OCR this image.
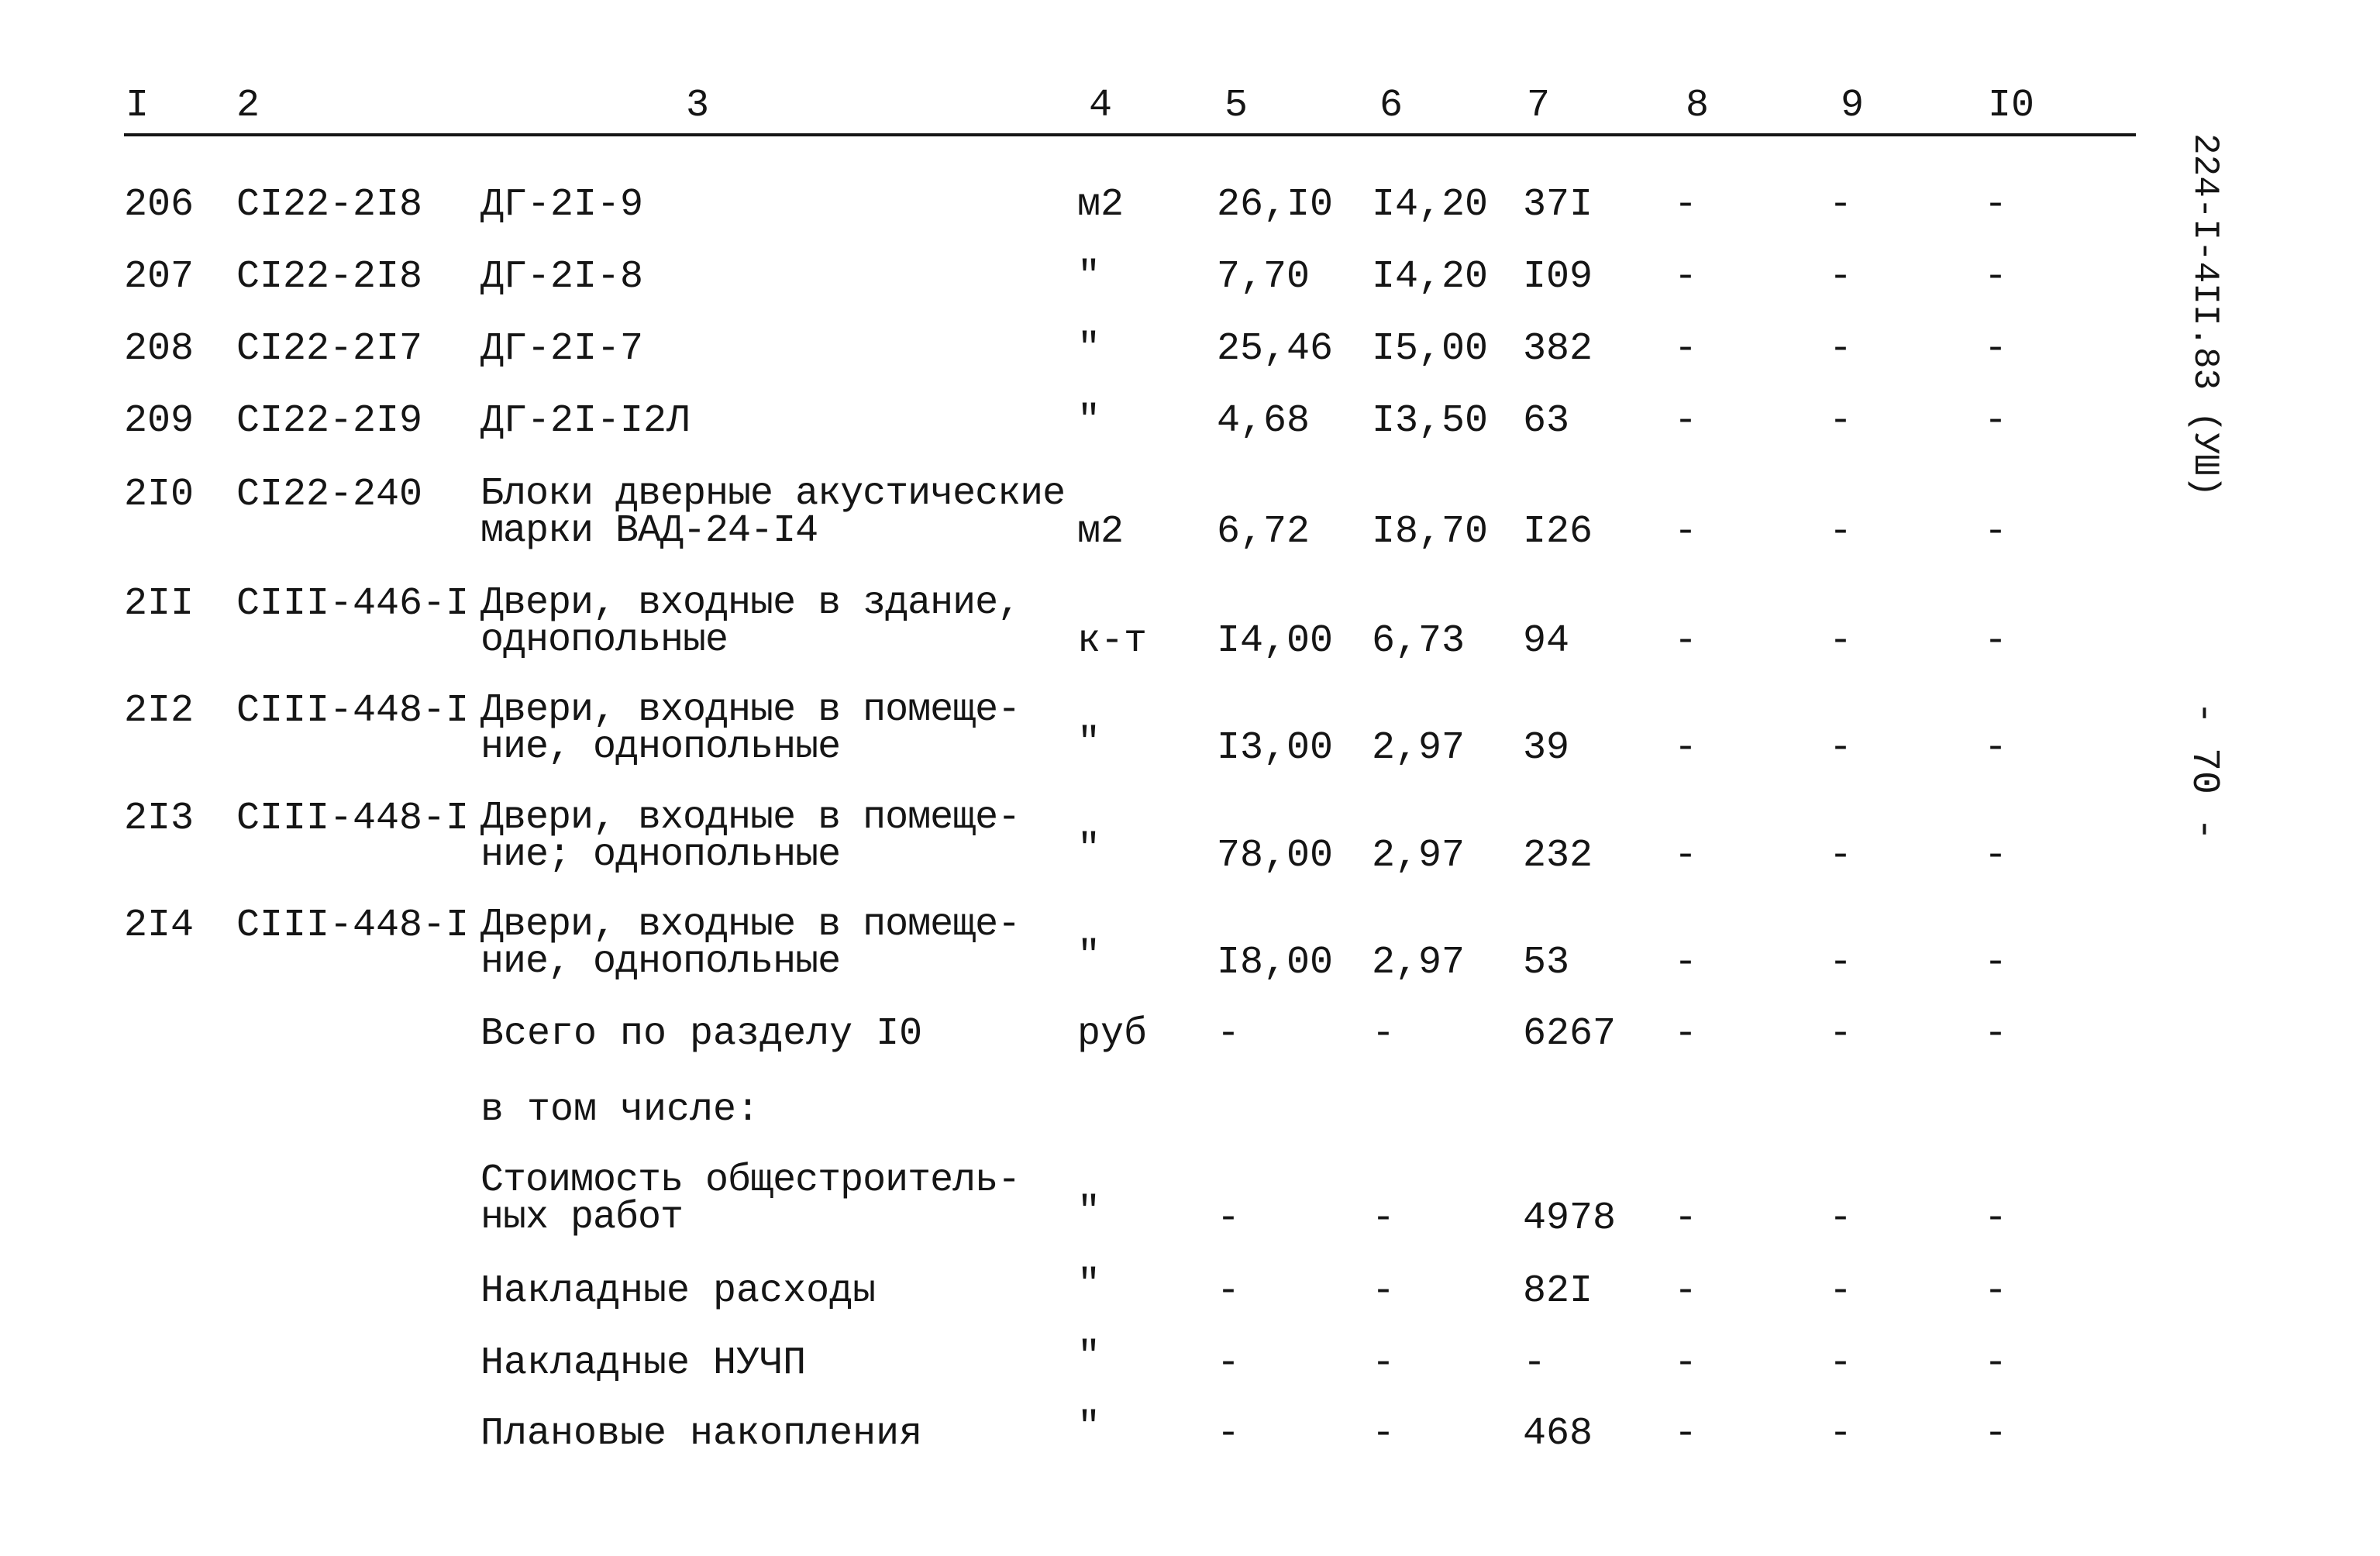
I 2	3	4	5	6	7	8	9	I0
206 CI22-2I8 ДГ-2I-9	м2 26,I0 I4,20 37I -	-	-
207 CI22-2I8 ДГ-2I-8	"	7,70 I4,20 I09 -	-	-
208 CI22-2I7 ДГ-2I-7	"	25,46 I5,00 382 -	-	-
209 CI22-2I9 ДГ-2I-I2Л	"	4,68 I3,50 63	-	-	-
2I0 CI22-240 Блоки дверные акустические
марки ВАД-24-I4	м2 6,72 I8,70 I26 -	-	-
2II CIII-446-I Двери, входные в здание,
однопольные	к-т I4,00 6,73 94	-	-	-
2I2 CIII-448-I Двери, входные в помеще-
ние, однопольные	"	I3,00 2,97 39	-	-	-
2I3 CIII-448-I Двери, входные в помеще-
ние; однопольные	"	78,00 2,97 232 -	-	-
2I4 CIII-448-I Двери, входные в помеще-
ние, однопольные	"	I8,00 2,97 53	-	-	-
Всего по разделу I0	руб -	-	6267 -	-	-
в том числе:
Стоимость общестроитель-
ных работ	"	-	-	4978 -	-	-
Накладные расходы	"	-	-	82I -	-	-
Накладные НУЧП	"	-	-	-	-	-	-
Плановые накопления	"	-	-	468 -	-	-
224-I-4II.83 (УШ)
- 70 -
